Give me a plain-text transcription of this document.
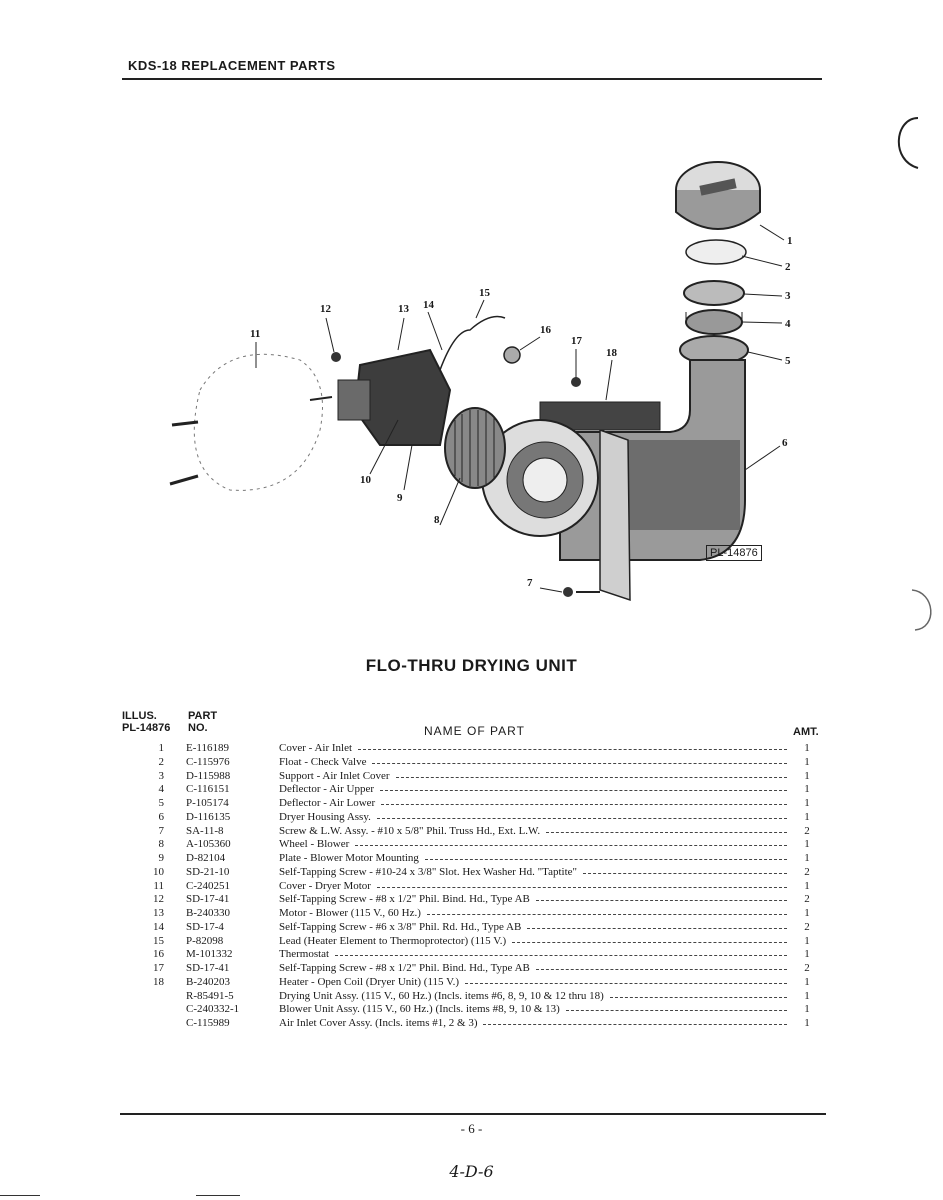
KDS-18 REPLACEMENT PARTS
1
2
3
4
5
6
7
8
9
10
11
12	13 14
15
16
17
18
PL-14876
FLO-THRU DRYING UNIT
ILLUS.
PL-14876
PART
NO.	NAME OF PART	AMT.
1 E-116189	Cover - Air Inlet	1
2 C-115976	Float - Check Valve	1
3 D-115988	Support - Air Inlet Cover	1
4 C-116151	Deflector - Air Upper	1
5 P-105174	Deflector - Air Lower	1
6 D-116135	Dryer Housing Assy.	1
7 SA-11-8	Screw & L.W. Assy. - #10 x 5/8" Phil. Truss Hd., Ext. L.W.	2
8 A-105360	Wheel - Blower	1
9 D-82104	Plate - Blower Motor Mounting	1
10 SD-21-10	Self-Tapping Screw - #10-24 x 3/8" Slot. Hex Washer Hd. "Taptite"	2
11 C-240251	Cover - Dryer Motor	1
12 SD-17-41	Self-Tapping Screw - #8 x 1/2" Phil. Bind. Hd., Type AB	2
13 B-240330	Motor - Blower (115 V., 60 Hz.)	1
14 SD-17-4	Self-Tapping Screw - #6 x 3/8" Phil. Rd. Hd., Type AB	2
15 P-82098	Lead (Heater Element to Thermoprotector) (115 V.)	1
16 M-101332	Thermostat	1
17 SD-17-41	Self-Tapping Screw - #8 x 1/2" Phil. Bind. Hd., Type AB	2
18 B-240203	Heater - Open Coil (Dryer Unit) (115 V.)	1
R-85491-5	Drying Unit Assy. (115 V., 60 Hz.) (Incls. items #6, 8, 9, 10 & 12 thru 18)	1
C-240332-1	Blower Unit Assy. (115 V., 60 Hz.) (Incls. items #8, 9, 10 & 13)	1
C-115989	Air Inlet Cover Assy. (Incls. items #1, 2 & 3)	1
- 6 -
4-D-6
